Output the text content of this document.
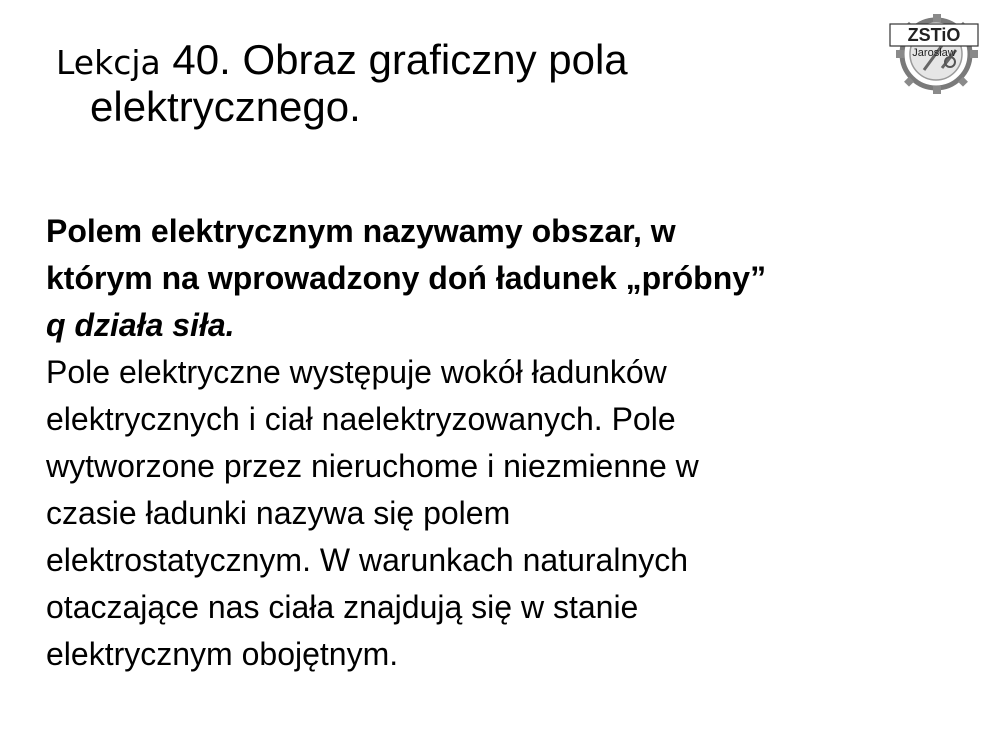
Lekcja 40. Obraz graficzny pola
elektrycznego.
Polem elektrycznym nazywamy obszar, w
którym na wprowadzony doń ładunek „próbny”
q działa siła.
Pole elektryczne występuje wokół ładunków
elektrycznych i ciał naelektryzowanych. Pole
wytworzone przez nieruchome i niezmienne w
czasie ładunki nazywa się polem
elektrostatycznym. W warunkach naturalnych
otaczające nas ciała znajdują się w stanie
elektrycznym obojętnym.
ZSTiO
Jarosław
